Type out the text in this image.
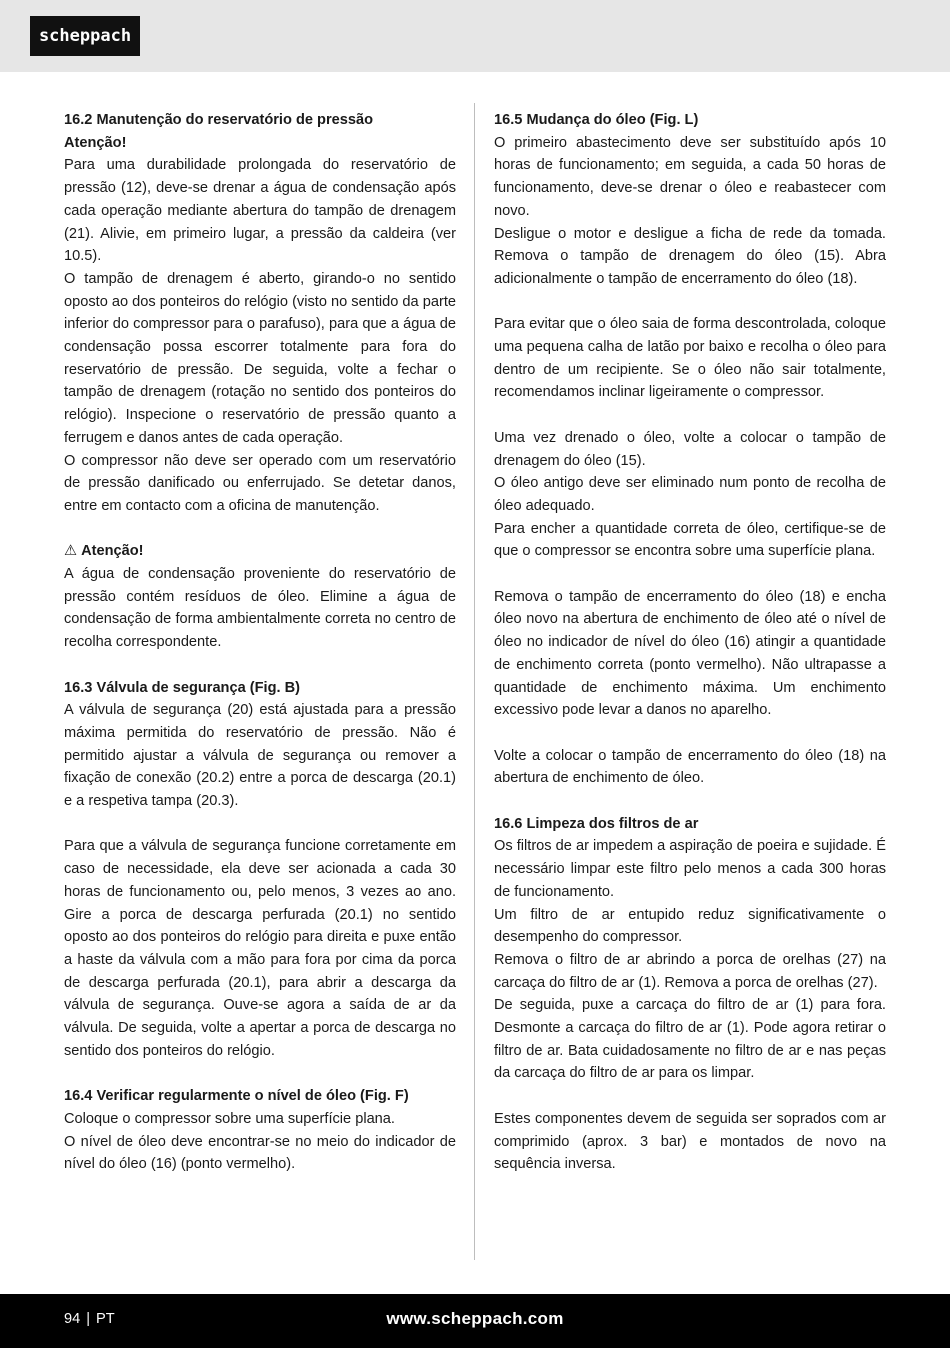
scheppach
16.2 Manutenção do reservatório de pressão
Atenção!

Para uma durabilidade prolongada do reservatório de pressão (12), deve-se drenar a água de condensação após cada operação mediante abertura do tampão de drenagem (21). Alivie, em primeiro lugar, a pressão da caldeira (ver 10.5).

O tampão de drenagem é aberto, girando-o no sentido oposto ao dos ponteiros do relógio (visto no sentido da parte inferior do compressor para o parafuso), para que a água de condensação possa escorrer totalmente para fora do reservatório de pressão. De seguida, volte a fechar o tampão de drenagem (rotação no sentido dos ponteiros do relógio). Inspecione o reservatório de pressão quanto a ferrugem e danos antes de cada operação.

O compressor não deve ser operado com um reservatório de pressão danificado ou enferrujado. Se detetar danos, entre em contacto com a oficina de manutenção.

⚠ Atenção!

A água de condensação proveniente do reservatório de pressão contém resíduos de óleo. Elimine a água de condensação de forma ambientalmente correta no centro de recolha correspondente.

16.3 Válvula de segurança (Fig. B)

A válvula de segurança (20) está ajustada para a pressão máxima permitida do reservatório de pressão. Não é permitido ajustar a válvula de segurança ou remover a fixação de conexão (20.2) entre a porca de descarga (20.1) e a respetiva tampa (20.3).

Para que a válvula de segurança funcione corretamente em caso de necessidade, ela deve ser acionada a cada 30 horas de funcionamento ou, pelo menos, 3 vezes ao ano. Gire a porca de descarga perfurada (20.1) no sentido oposto ao dos ponteiros do relógio para direita e puxe então a haste da válvula com a mão para fora por cima da porca de descarga perfurada (20.1), para abrir a descarga da válvula de segurança. Ouve-se agora a saída de ar da válvula. De seguida, volte a apertar a porca de descarga no sentido dos ponteiros do relógio.

16.4 Verificar regularmente o nível de óleo (Fig. F)

Coloque o compressor sobre uma superfície plana.

O nível de óleo deve encontrar-se no meio do indicador de nível do óleo (16) (ponto vermelho).

16.5 Mudança do óleo (Fig. L)

O primeiro abastecimento deve ser substituído após 10 horas de funcionamento; em seguida, a cada 50 horas de funcionamento, deve-se drenar o óleo e reabastecer com novo.

Desligue o motor e desligue a ficha de rede da tomada. Remova o tampão de drenagem do óleo (15). Abra adicionalmente o tampão de encerramento do óleo (18).

Para evitar que o óleo saia de forma descontrolada, coloque uma pequena calha de latão por baixo e recolha o óleo para dentro de um recipiente. Se o óleo não sair totalmente, recomendamos inclinar ligeiramente o compressor.

Uma vez drenado o óleo, volte a colocar o tampão de drenagem do óleo (15).

O óleo antigo deve ser eliminado num ponto de recolha de óleo adequado.

Para encher a quantidade correta de óleo, certifique-se de que o compressor se encontra sobre uma superfície plana.

Remova o tampão de encerramento do óleo (18) e encha óleo novo na abertura de enchimento de óleo até o nível de óleo no indicador de nível do óleo (16) atingir a quantidade de enchimento correta (ponto vermelho). Não ultrapasse a quantidade de enchimento máxima. Um enchimento excessivo pode levar a danos no aparelho.

Volte a colocar o tampão de encerramento do óleo (18) na abertura de enchimento de óleo.

16.6 Limpeza dos filtros de ar

Os filtros de ar impedem a aspiração de poeira e sujidade. É necessário limpar este filtro pelo menos a cada 300 horas de funcionamento.

Um filtro de ar entupido reduz significativamente o desempenho do compressor.

Remova o filtro de ar abrindo a porca de orelhas (27) na carcaça do filtro de ar (1). Remova a porca de orelhas (27).

De seguida, puxe a carcaça do filtro de ar (1) para fora. Desmonte a carcaça do filtro de ar (1). Pode agora retirar o filtro de ar. Bata cuidadosamente no filtro de ar e nas peças da carcaça do filtro de ar para os limpar.

Estes componentes devem de seguida ser soprados com ar comprimido (aprox. 3 bar) e montados de novo na sequência inversa.

94 | PT	www.scheppach.com
